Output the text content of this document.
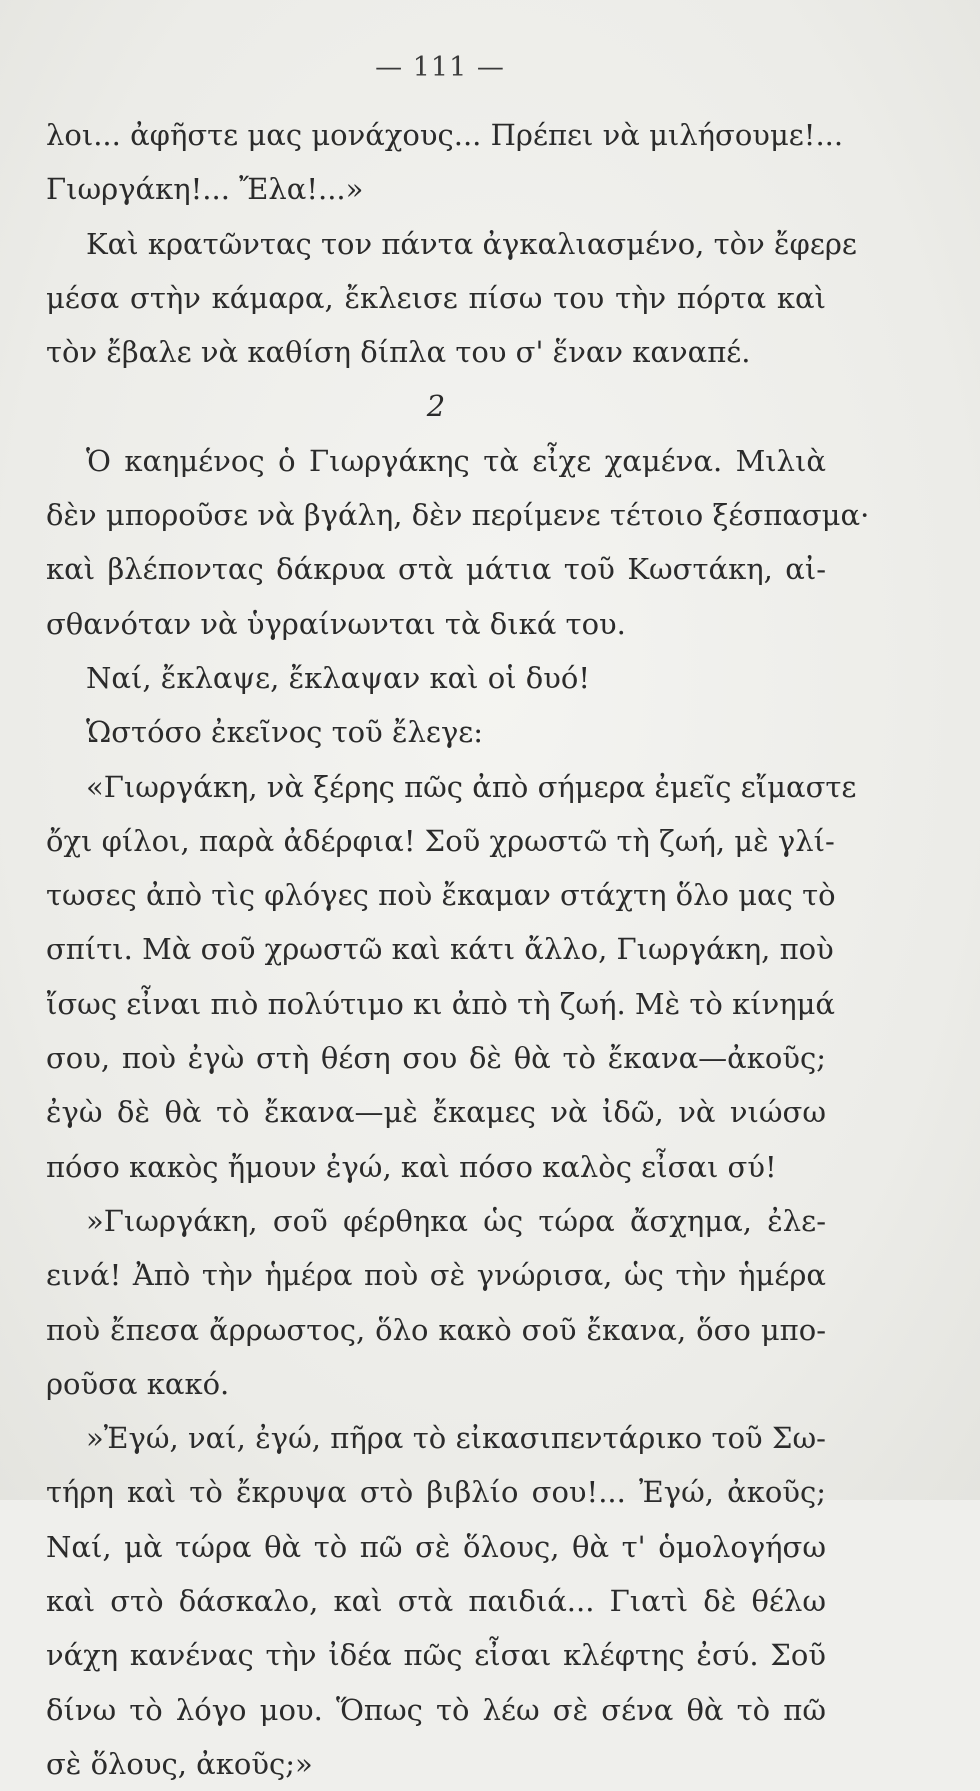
— 111 —
λοι... ἀφῆστε μας μονάχους... Πρέπει νὰ μιλήσουμε!...
Γιωργάκη!... Ἔλα!...»
Καὶ κρατῶντας τον πάντα ἀγκαλιασμένο, τὸν ἔφερε
μέσα στὴν κάμαρα, ἔκλεισε πίσω του τὴν πόρτα καὶ
τὸν ἔβαλε νὰ καθίση δίπλα του σ' ἕναν καναπέ.
2
Ὁ καημένος ὁ Γιωργάκης τὰ εἶχε χαμένα. Μιλιὰ
δὲν μποροῦσε νὰ βγάλη, δὲν περίμενε τέτοιο ξέσπασμα·
καὶ βλέποντας δάκρυα στὰ μάτια τοῦ Κωστάκη, αἰ-
σθανόταν νὰ ὑγραίνωνται τὰ δικά του.
Ναί, ἔκλαψε, ἔκλαψαν καὶ οἱ δυό!
Ὡστόσο ἐκεῖνος τοῦ ἔλεγε:
«Γιωργάκη, νὰ ξέρης πῶς ἀπὸ σήμερα ἐμεῖς εἴμαστε
ὄχι φίλοι, παρὰ ἀδέρφια! Σοῦ χρωστῶ τὴ ζωή, μὲ γλί-
τωσες ἀπὸ τὶς φλόγες ποὺ ἔκαμαν στάχτη ὅλο μας τὸ
σπίτι. Μὰ σοῦ χρωστῶ καὶ κάτι ἄλλο, Γιωργάκη, ποὺ
ἴσως εἶναι πιὸ πολύτιμο κι ἀπὸ τὴ ζωή. Μὲ τὸ κίνημά
σου, ποὺ ἐγὼ στὴ θέση σου δὲ θὰ τὸ ἔκανα—ἀκοῦς;
ἐγὼ δὲ θὰ τὸ ἔκανα—μὲ ἔκαμες νὰ ἰδῶ, νὰ νιώσω
πόσο κακὸς ἤμουν ἐγώ, καὶ πόσο καλὸς εἶσαι σύ!
»Γιωργάκη, σοῦ φέρθηκα ὡς τώρα ἄσχημα, ἐλε-
εινά! Ἀπὸ τὴν ἡμέρα ποὺ σὲ γνώρισα, ὡς τὴν ἡμέρα
ποὺ ἔπεσα ἄρρωστος, ὅλο κακὸ σοῦ ἔκανα, ὅσο μπο-
ροῦσα κακό.
»Ἐγώ, ναί, ἐγώ, πῆρα τὸ εἰκασιπεντάρικο τοῦ Σω-
τήρη καὶ τὸ ἔκρυψα στὸ βιβλίο σου!... Ἐγώ, ἀκοῦς;
Ναί, μὰ τώρα θὰ τὸ πῶ σὲ ὅλους, θὰ τ' ὁμολογήσω
καὶ στὸ δάσκαλο, καὶ στὰ παιδιά... Γιατὶ δὲ θέλω
νάχη κανένας τὴν ἰδέα πῶς εἶσαι κλέφτης ἐσύ. Σοῦ
δίνω τὸ λόγο μου. Ὅπως τὸ λέω σὲ σένα θὰ τὸ πῶ
σὲ ὅλους, ἀκοῦς;»
